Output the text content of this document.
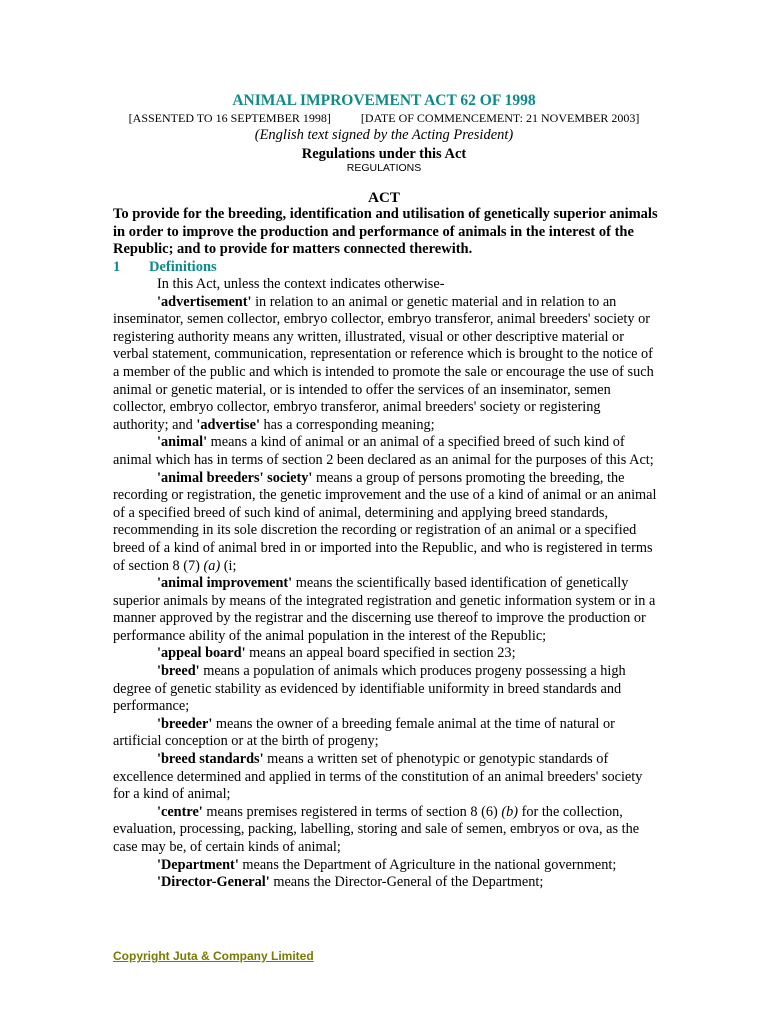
ANIMAL IMPROVEMENT ACT 62 OF 1998
[ASSENTED TO 16 SEPTEMBER 1998]	[DATE OF COMMENCEMENT: 21 NOVEMBER 2003]
(English text signed by the Acting President)
Regulations under this Act
REGULATIONS
ACT
To provide for the breeding, identification and utilisation of genetically superior animals in order to improve the production and performance of animals in the interest of the Republic; and to provide for matters connected therewith.
1 Definitions

In this Act, unless the context indicates otherwise-

'advertisement' in relation to an animal or genetic material and in relation to an inseminator, semen collector, embryo collector, embryo transferor, animal breeders' society or registering authority means any written, illustrated, visual or other descriptive material or verbal statement, communication, representation or reference which is brought to the notice of a member of the public and which is intended to promote the sale or encourage the use of such animal or genetic material, or is intended to offer the services of an inseminator, semen collector, embryo collector, embryo transferor, animal breeders' society or registering authority; and 'advertise' has a corresponding meaning;

'animal' means a kind of animal or an animal of a specified breed of such kind of animal which has in terms of section 2 been declared as an animal for the purposes of this Act;

'animal breeders' society' means a group of persons promoting the breeding, the recording or registration, the genetic improvement and the use of a kind of animal or an animal of a specified breed of such kind of animal, determining and applying breed standards, recommending in its sole discretion the recording or registration of an animal or a specified breed of a kind of animal bred in or imported into the Republic, and who is registered in terms of section 8 (7) (a) (i;

'animal improvement' means the scientifically based identification of genetically superior animals by means of the integrated registration and genetic information system or in a manner approved by the registrar and the discerning use thereof to improve the production or performance ability of the animal population in the interest of the Republic;

'appeal board' means an appeal board specified in section 23;

'breed' means a population of animals which produces progeny possessing a high degree of genetic stability as evidenced by identifiable uniformity in breed standards and performance;

'breeder' means the owner of a breeding female animal at the time of natural or artificial conception or at the birth of progeny;

'breed standards' means a written set of phenotypic or genotypic standards of excellence determined and applied in terms of the constitution of an animal breeders' society for a kind of animal;

'centre' means premises registered in terms of section 8 (6) (b) for the collection, evaluation, processing, packing, labelling, storing and sale of semen, embryos or ova, as the case may be, of certain kinds of animal;

'Department' means the Department of Agriculture in the national government;

'Director-General' means the Director-General of the Department;

Copyright Juta & Company Limited
